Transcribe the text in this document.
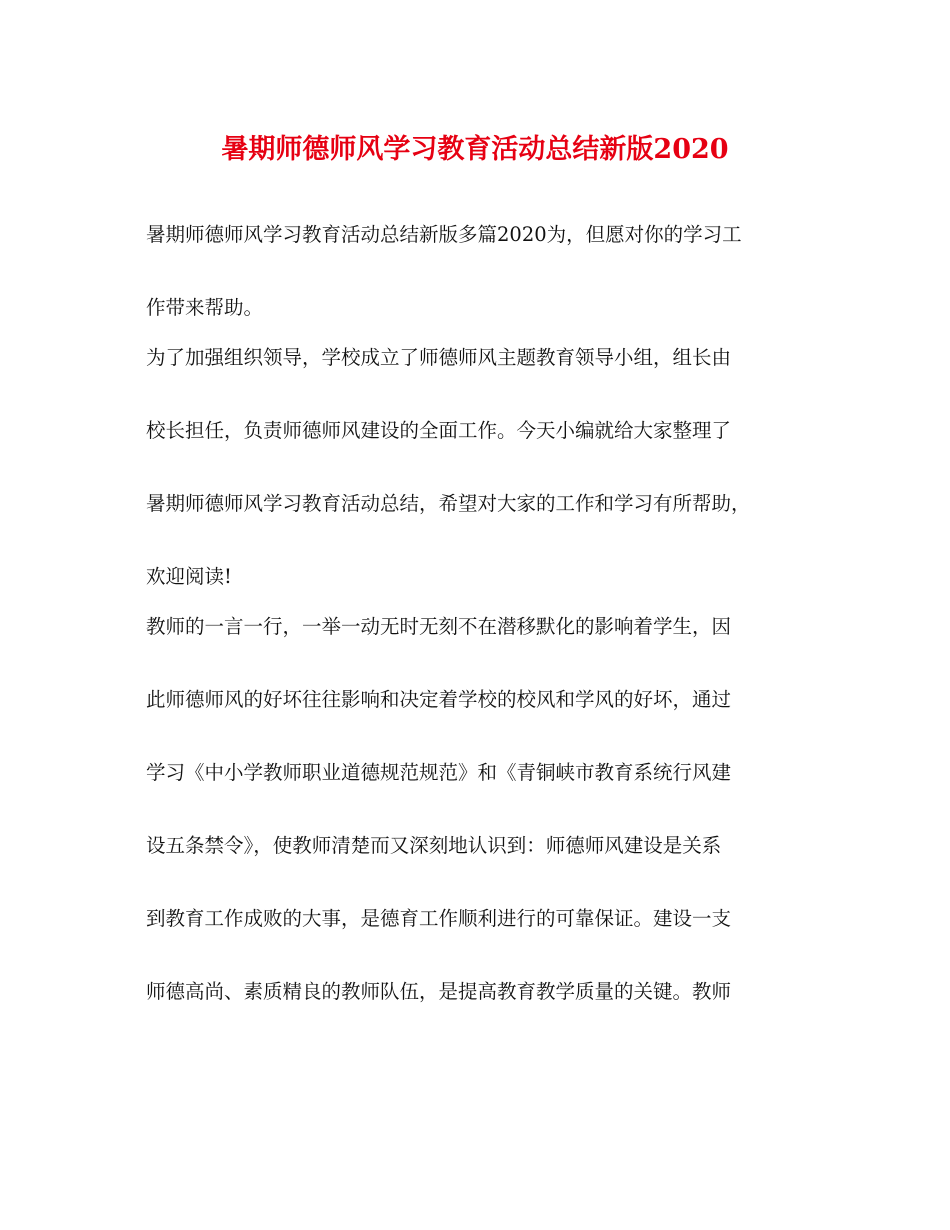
暑期师德师风学习教育活动总结新版2020
暑期师德师风学习教育活动总结新版多篇2020为，但愿对你的学习工
作带来帮助。
为了加强组织领导，学校成立了师德师风主题教育领导小组，组长由
校长担任，负责师德师风建设的全面工作。今天小编就给大家整理了
暑期师德师风学习教育活动总结，希望对大家的工作和学习有所帮助，
欢迎阅读!
教师的一言一行，一举一动无时无刻不在潜移默化的影响着学生，因
此师德师风的好坏往往影响和决定着学校的校风和学风的好坏，通过
学习《中小学教师职业道德规范规范》和《青铜峡市教育系统行风建
设五条禁令》，使教师清楚而又深刻地认识到：师德师风建设是关系
到教育工作成败的大事，是德育工作顺利进行的可靠保证。建设一支
师德高尚、素质精良的教师队伍，是提高教育教学质量的关键。教师
